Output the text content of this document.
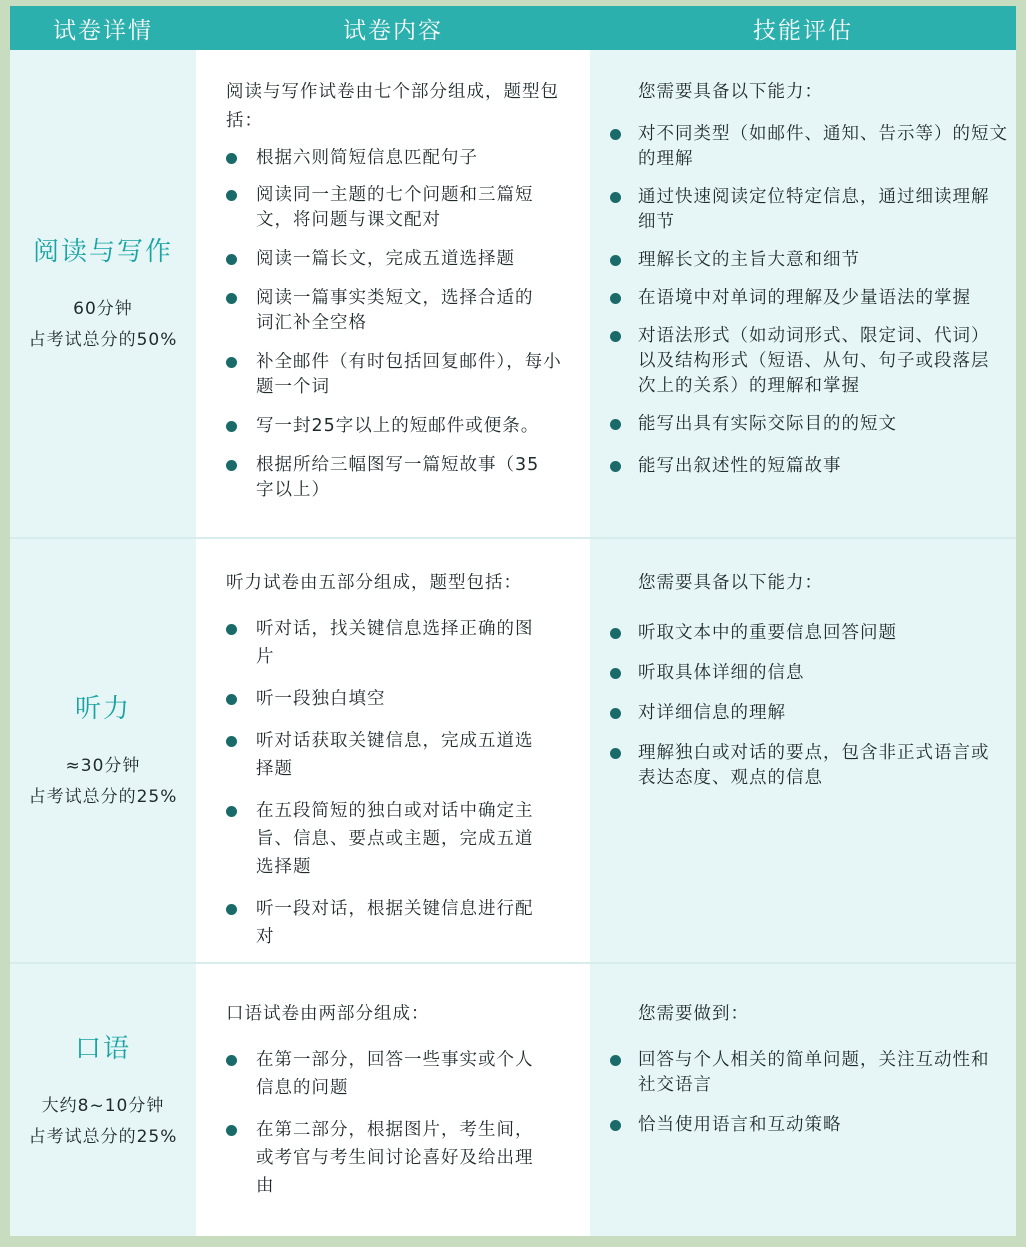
试卷详情	试卷内容	技能评估
阅读与写作
60分钟
占考试总分的50%
阅读与写作试卷由七个部分组成，题型包括：
根据六则简短信息匹配句子
阅读同一主题的七个问题和三篇短文，将问题与课文配对
阅读一篇长文，完成五道选择题
阅读一篇事实类短文，选择合适的词汇补全空格
补全邮件（有时包括回复邮件），每小题一个词
写一封25字以上的短邮件或便条。
根据所给三幅图写一篇短故事（35字以上）
您需要具备以下能力：
对不同类型（如邮件、通知、告示等）的短文的理解
通过快速阅读定位特定信息，通过细读理解细节
理解长文的主旨大意和细节
在语境中对单词的理解及少量语法的掌握
对语法形式（如动词形式、限定词、代词）以及结构形式（短语、从句、句子或段落层次上的关系）的理解和掌握
能写出具有实际交际目的的短文
能写出叙述性的短篇故事
听力
≈30分钟
占考试总分的25%
听力试卷由五部分组成，题型包括：
听对话，找关键信息选择正确的图片
听一段独白填空
听对话获取关键信息，完成五道选择题
在五段简短的独白或对话中确定主旨、信息、要点或主题，完成五道选择题
听一段对话，根据关键信息进行配对
您需要具备以下能力：
听取文本中的重要信息回答问题
听取具体详细的信息
对详细信息的理解
理解独白或对话的要点，包含非正式语言或表达态度、观点的信息
口语
大约8~10分钟
占考试总分的25%
口语试卷由两部分组成：
在第一部分，回答一些事实或个人信息的问题
在第二部分，根据图片，考生间，或考官与考生间讨论喜好及给出理由
您需要做到：
回答与个人相关的简单问题，关注互动性和社交语言
恰当使用语言和互动策略
